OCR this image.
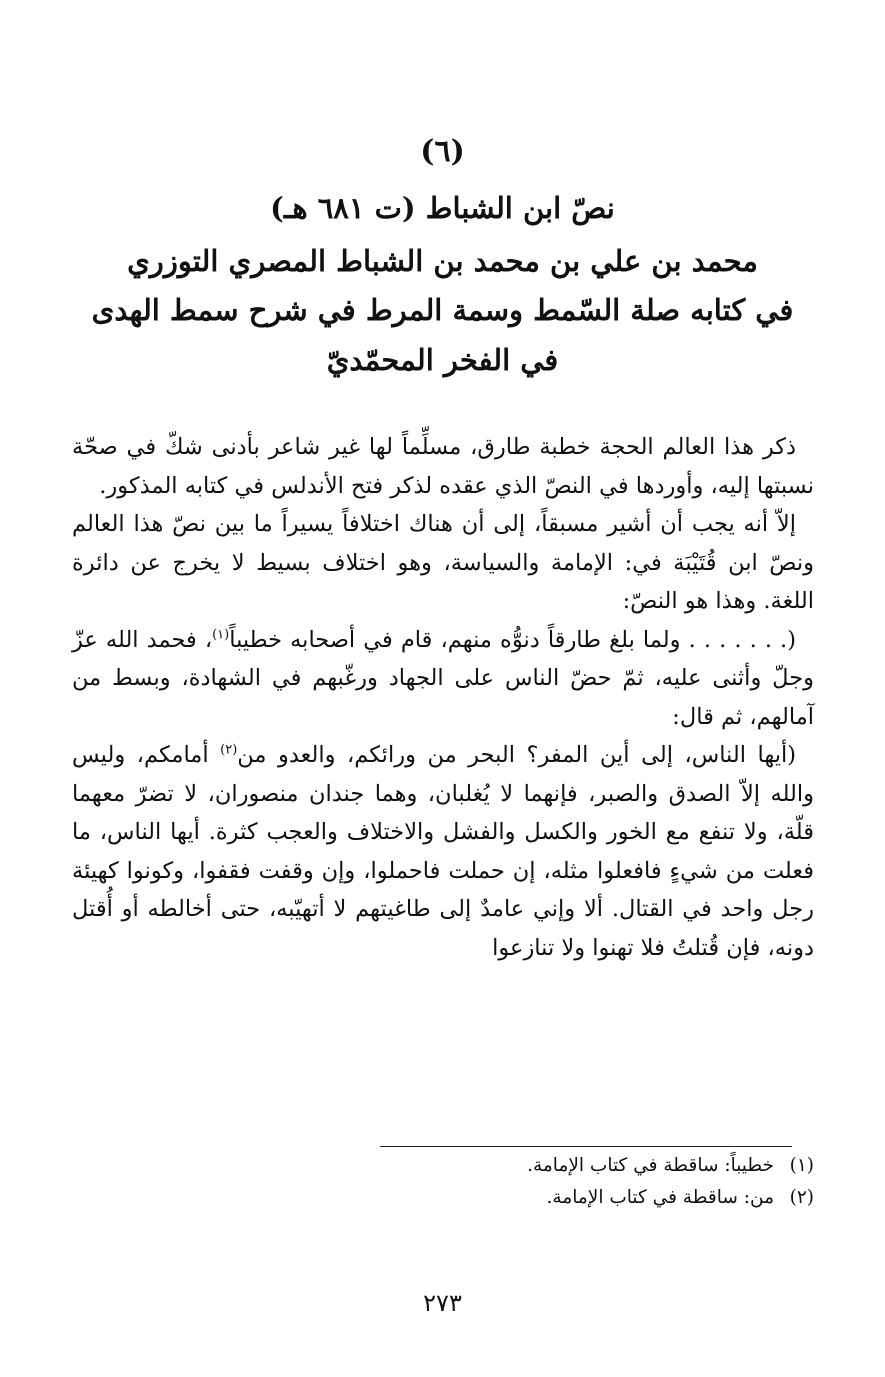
(٦)
نصّ ابن الشباط (ت ٦٨١ هـ)
محمد بن علي بن محمد بن الشباط المصري التوزري
في كتابه صلة السّمط وسمة المرط في شرح سمط الهدى
في الفخر المحمّديّ

ذكر هذا العالم الحجة خطبة طارق، مسلِّماً لها غير شاعر بأدنى شكّ في صحّة نسبتها إليه، وأوردها في النصّ الذي عقده لذكر فتح الأندلس في كتابه المذكور.

إلاّ أنه يجب أن أشير مسبقاً، إلى أن هناك اختلافاً يسيراً ما بين نصّ هذا العالم ونصّ ابن قُتَيْبَة في: الإمامة والسياسة، وهو اختلاف بسيط لا يخرج عن دائرة اللغة. وهذا هو النصّ:

(. . . . . . . ولما بلغ طارقاً دنوُّه منهم، قام في أصحابه خطيباً$^{(١)}$، فحمد الله عزّ وجلّ وأثنى عليه، ثمّ حضّ الناس على الجهاد ورغّبهم في الشهادة، وبسط من آمالهم، ثم قال:

(أيها الناس، إلى أين المفر؟ البحر من ورائكم، والعدو من$^{(٢)}$ أمامكم، وليس والله إلاّ الصدق والصبر، فإنهما لا يُغلبان، وهما جندان منصوران، لا تضرّ معهما قلّة، ولا تنفع مع الخور والكسل والفشل والاختلاف والعجب كثرة. أيها الناس، ما فعلت من شيءٍ فافعلوا مثله، إن حملت فاحملوا، وإن وقفت فقفوا، وكونوا كهيئة رجل واحد في القتال. ألا وإني عامدٌ إلى طاغيتهم لا أتهيّبه، حتى أخالطه أو أُقتل دونه، فإن قُتلتُ فلا تهنوا ولا تنازعوا

(١)خطيباً: ساقطة في كتاب الإمامة.
(٢)من: ساقطة في كتاب الإمامة.
٢٧٣
